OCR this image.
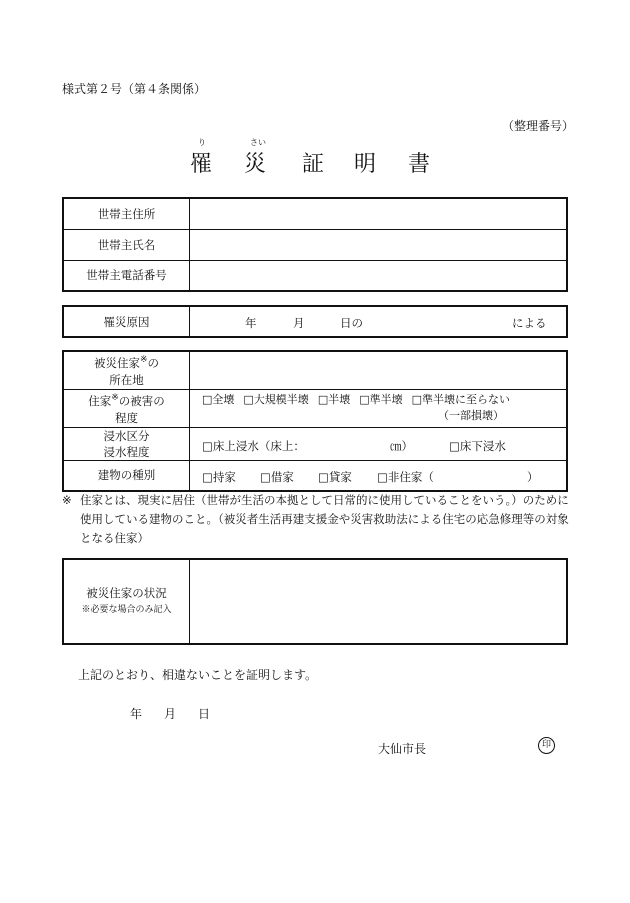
様式第２号（第４条関係）
（整理番号）
り	さい
罹 災 証 明 書
世帯主住所	
世帯主氏名	
世帯主電話番号	
罹災原因	年	月	日の	による
被災住家※の
所在地	
住家※の被害の
程度	□全壊 □大規模半壊 □半壊 □準半壊 □準半壊に至らない
（一部損壊）
浸水区分
浸水程度	□床上浸水（床上： ㎝） □床下浸水

建物の種別	□持家 □借家 □貸家 □非住家（ ）
※ 住家とは、現実に居住（世帯が生活の本拠として日常的に使用していることをいう。）のために使用している建物のこと。（被災者生活再建支援金や災害救助法による住宅の応急修理等の対象となる住家）
被災住家の状況
※必要な場合のみ記入	
上記のとおり、相違ないことを証明します。
年 月 日
大仙市長	印
